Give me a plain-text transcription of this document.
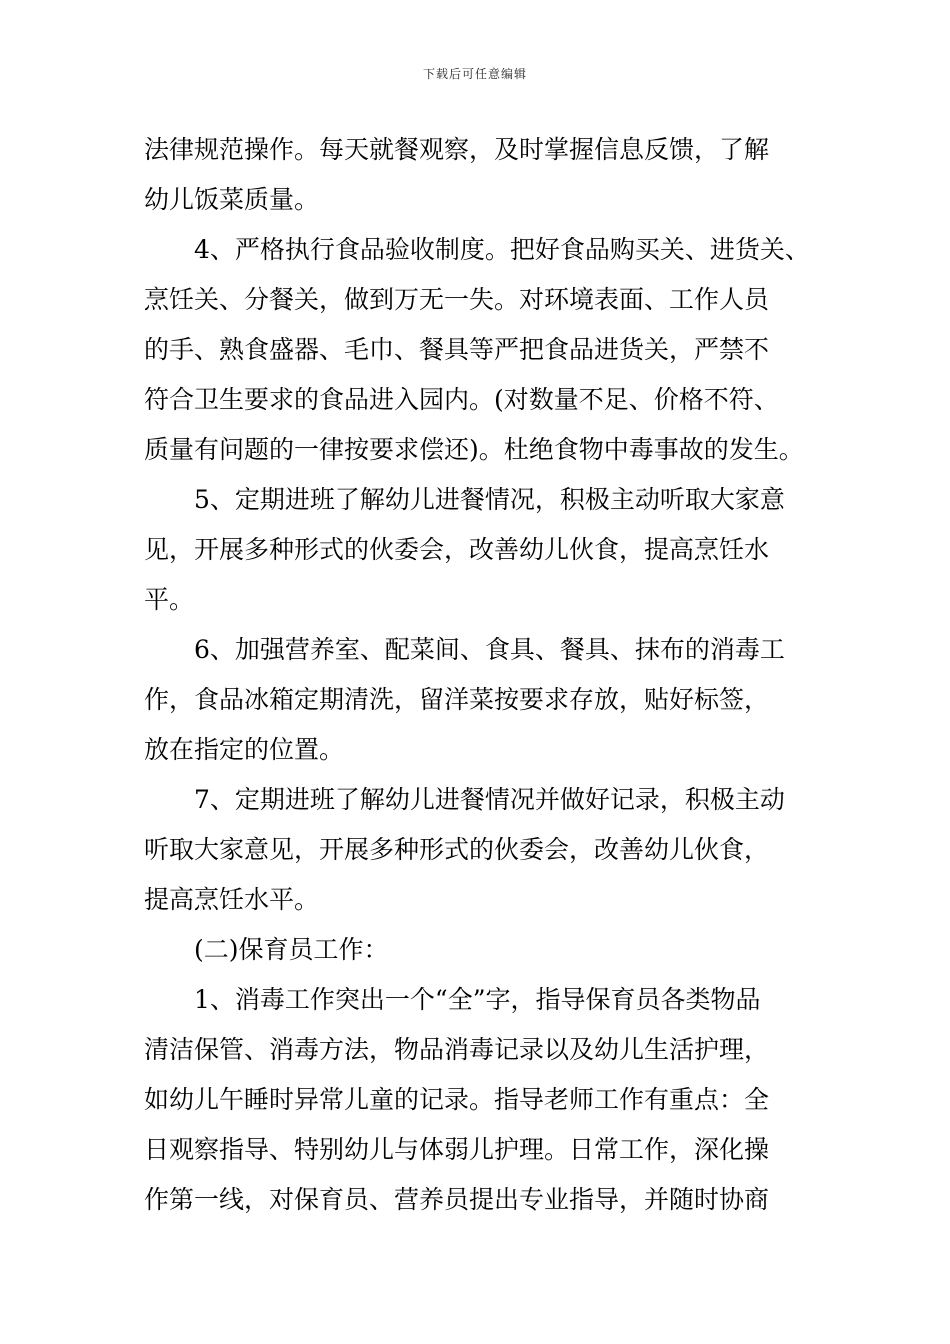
下载后可任意编辑
法律规范操作。每天就餐观察，及时掌握信息反馈，了解
幼儿饭菜质量。
　　4、严格执行食品验收制度。把好食品购买关、进货关、
烹饪关、分餐关，做到万无一失。对环境表面、工作人员
的手、熟食盛器、毛巾、餐具等严把食品进货关，严禁不
符合卫生要求的食品进入园内。(对数量不足、价格不符、
质量有问题的一律按要求偿还)。杜绝食物中毒事故的发生。
　　5、定期进班了解幼儿进餐情况，积极主动听取大家意
见，开展多种形式的伙委会，改善幼儿伙食，提高烹饪水
平。
　　6、加强营养室、配菜间、食具、餐具、抹布的消毒工
作，食品冰箱定期清洗，留洋菜按要求存放，贴好标签，
放在指定的位置。
　　7、定期进班了解幼儿进餐情况并做好记录，积极主动
听取大家意见，开展多种形式的伙委会，改善幼儿伙食，
提高烹饪水平。
　　(二)保育员工作：
　　1、消毒工作突出一个“全”字，指导保育员各类物品
清洁保管、消毒方法，物品消毒记录以及幼儿生活护理，
如幼儿午睡时异常儿童的记录。指导老师工作有重点：全
日观察指导、特别幼儿与体弱儿护理。日常工作，深化操
作第一线，对保育员、营养员提出专业指导，并随时协商
